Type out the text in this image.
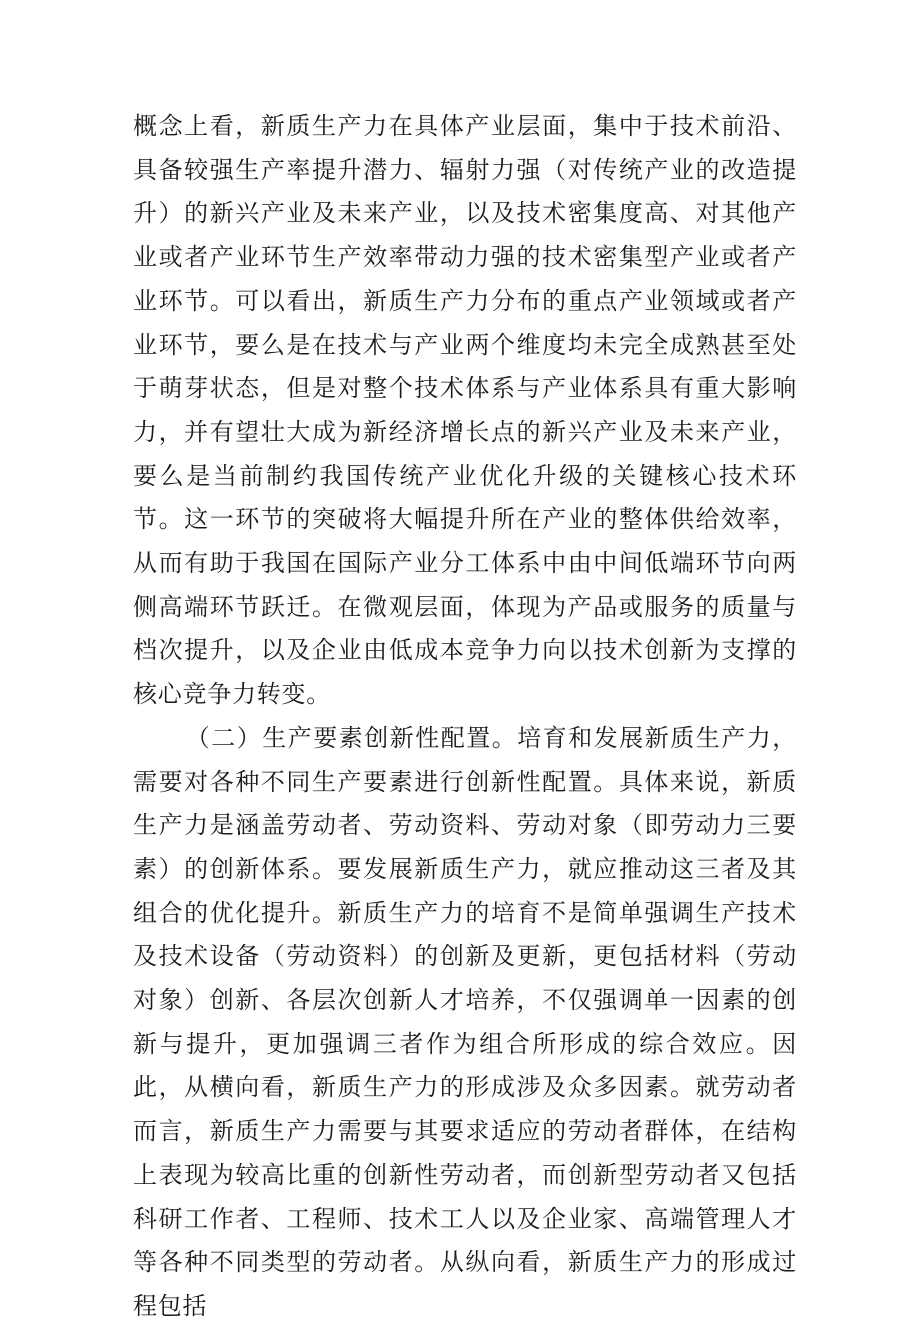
概念上看，新质生产力在具体产业层面，集中于技术前沿、具备较强生产率提升潜力、辐射力强（对传统产业的改造提升）的新兴产业及未来产业，以及技术密集度高、对其他产业或者产业环节生产效率带动力强的技术密集型产业或者产业环节。可以看出，新质生产力分布的重点产业领域或者产业环节，要么是在技术与产业两个维度均未完全成熟甚至处于萌芽状态，但是对整个技术体系与产业体系具有重大影响力，并有望壮大成为新经济增长点的新兴产业及未来产业，要么是当前制约我国传统产业优化升级的关键核心技术环节。这一环节的突破将大幅提升所在产业的整体供给效率，从而有助于我国在国际产业分工体系中由中间低端环节向两侧高端环节跃迁。在微观层面，体现为产品或服务的质量与档次提升，以及企业由低成本竞争力向以技术创新为支撑的核心竞争力转变。

（二）生产要素创新性配置。培育和发展新质生产力，需要对各种不同生产要素进行创新性配置。具体来说，新质生产力是涵盖劳动者、劳动资料、劳动对象（即劳动力三要素）的创新体系。要发展新质生产力，就应推动这三者及其组合的优化提升。新质生产力的培育不是简单强调生产技术及技术设备（劳动资料）的创新及更新，更包括材料（劳动对象）创新、各层次创新人才培养，不仅强调单一因素的创新与提升，更加强调三者作为组合所形成的综合效应。因此，从横向看，新质生产力的形成涉及众多因素。就劳动者而言，新质生产力需要与其要求适应的劳动者群体，在结构上表现为较高比重的创新性劳动者，而创新型劳动者又包括科研工作者、工程师、技术工人以及企业家、高端管理人才等各种不同类型的劳动者。从纵向看，新质生产力的形成过程包括
